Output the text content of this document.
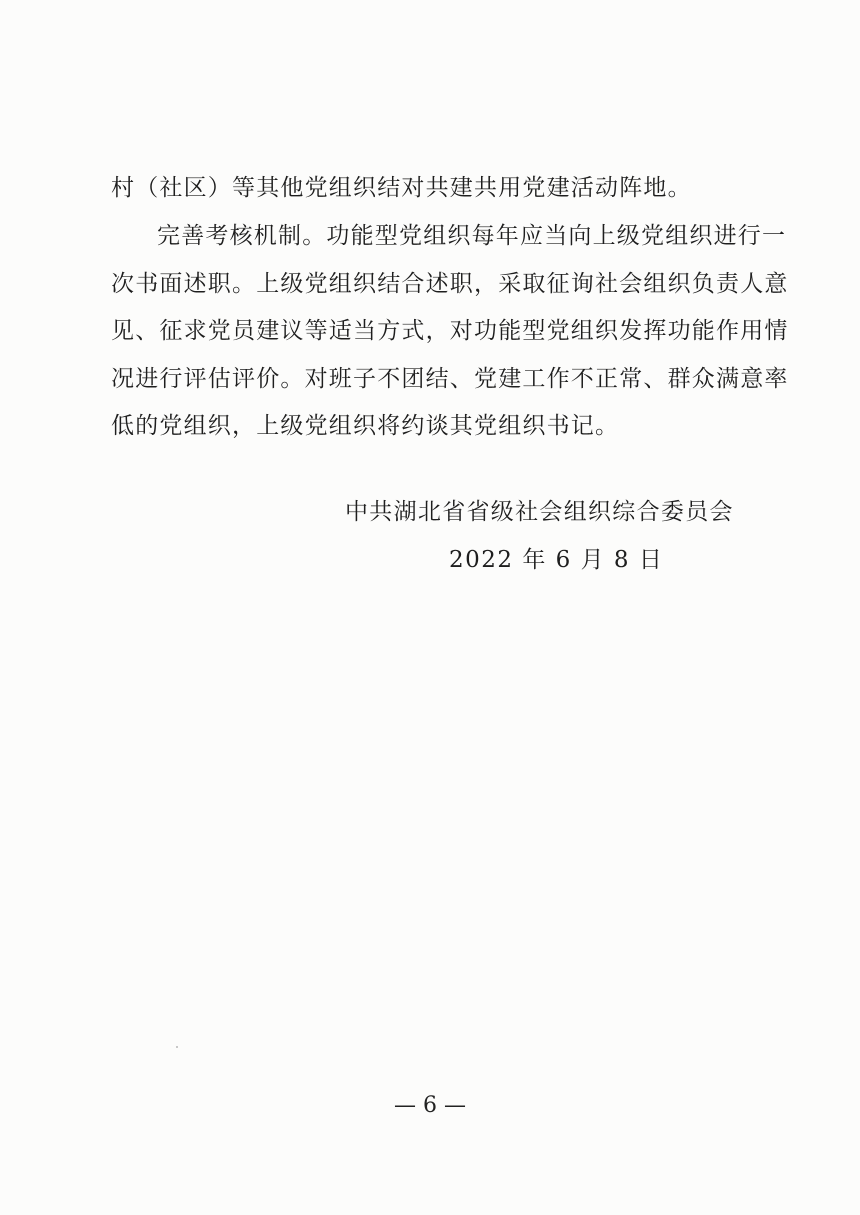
村（社区）等其他党组织结对共建共用党建活动阵地。
完善考核机制。功能型党组织每年应当向上级党组织进行一
次书面述职。上级党组织结合述职，采取征询社会组织负责人意
见、征求党员建议等适当方式，对功能型党组织发挥功能作用情
况进行评估评价。对班子不团结、党建工作不正常、群众满意率
低的党组织，上级党组织将约谈其党组织书记。
中共湖北省省级社会组织综合委员会
2022 年 6 月 8 日
— 6 —
